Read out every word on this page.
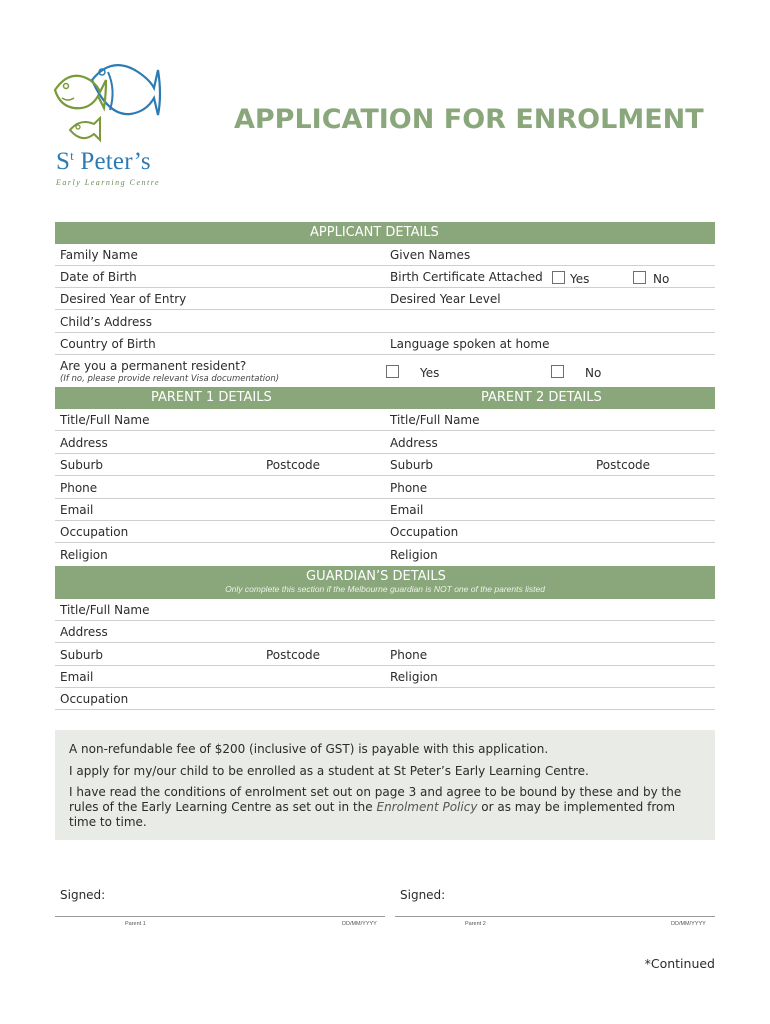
$S^t$ Peter’s
Early Learning Centre
APPLICATION FOR ENROLMENT
APPLICANT DETAILS
Family Name	Given Names
Date of Birth	Birth Certificate Attached Yes	No
Desired Year of Entry	Desired Year Level
Child’s Address
Country of Birth	Language spoken at home
Are you a permanent resident?
(If no, please provide relevant Visa documentation)	Yes	No
PARENT 1 DETAILS	PARENT 2 DETAILS
Title/Full Name	Title/Full Name
Address	Address
Suburb	Postcode	Suburb	Postcode
Phone	Phone
Email	Email
Occupation	Occupation
Religion	Religion
GUARDIAN’S DETAILS
Only complete this section if the Melbourne guardian is NOT one of the parents listed
Title/Full Name
Address
Suburb	Postcode	Phone
Email	Religion
Occupation

A non-refundable fee of $200 (inclusive of GST) is payable with this application.

I apply for my/our child to be enrolled as a student at St Peter’s Early Learning Centre.

I have read the conditions of enrolment set out on page 3 and agree to be bound by these and by the rules of the Early Learning Centre as set out in the Enrolment Policy or as may be implemented from time to time.

Signed:
Parent 1	DD/MM/YYYY
Signed:
Parent 2	DD/MM/YYYY
*Continued
